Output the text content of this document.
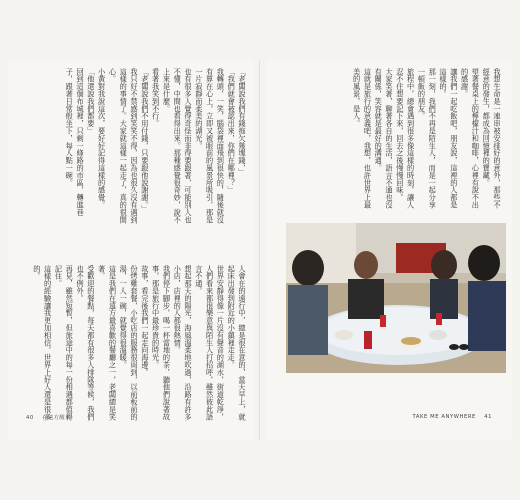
「老闆說我們有錢拖欠幾塊錢，」
「我們就會被認出來，你們在哪裡？」
我轉頭，一笑，腦袋裡面飛到很快的，隨後就沒有算在心上，立即又被眼前的風景所吸引，那是一片寂靜而柔美的湖光。
也有很多人覺得奇怪而非得要跟著，可能別人也不懂，中間也看得出來。那種感覺很奇妙，說不上來是什麼。
看著我笑到不行。
「老闆說我們不用付錢，只要跟他說謝謝。」
我只好不禁感到笑笑不得，因為也很久沒有遇到這樣的事情了。大家就這樣一起走了，真的很開心。
小黃對我說這次，要好好記得這樣的感覺。
「他還說我們都要」
回到這個布城裡，只剩一條路的市區，轉進巷子，跟著日常般坐下，每人點一碗。
人會在的遠行中，總是很在意的，當天早上，就起床出發到附近的小鎮裡走走。
世界安靜得像一片沒有聲音的湖水，街道乾淨，人們看來都很樂意與陌生人打招呼，雖然彼此語言不通。
想起那天的陽光，海風溫柔地吹過，沿路有許多小店，店裡的人都很熱情。
我們停下腳步，喝一杯當地的茶，聽他們說著故事，那是旅行中最珍貴的時光。
故事，看完後我們一起走向海邊。
份烤雞套餐，小吃店的服務很周到，以前板前的湯，一人一碗，就覺得很溫暖。
這是我們在遠方最喜歡的餐廳之一，老闆總是笑著。
受歡迎的餐點，每天都有很多人排隊等候，我們也不例外。
再見，雖然短暫，但旅途中的每一份相遇都值得記住。
這樣的經驗讓我更加相信，世界上好人還是很多的。
我想生命是一連串被安排好的意外，那些不經意的發生，都成為回憶裡的寶藏。
望著餐桌上的檸檬汁和咖啡，心裡有說不出的感謝。
讓我們一起吃飯吧，朋友說，這裡的人都是這樣的。
那一刻，我們不再是陌生人，而是一起分享一頓飯的朋友。
旅程中，總會遇到很多像這樣的時刻，讓人忍不住想要記下來，回去之後慢慢回味。
大家笑著，聊著各自的生活，語言不通也沒有關係，笑容就是最好的溝通。
這就是旅行的意義吧，我想，也許世界上最美的風景，是人。
40 在遠方醒來	TAKE ME ANYWHERE 41
